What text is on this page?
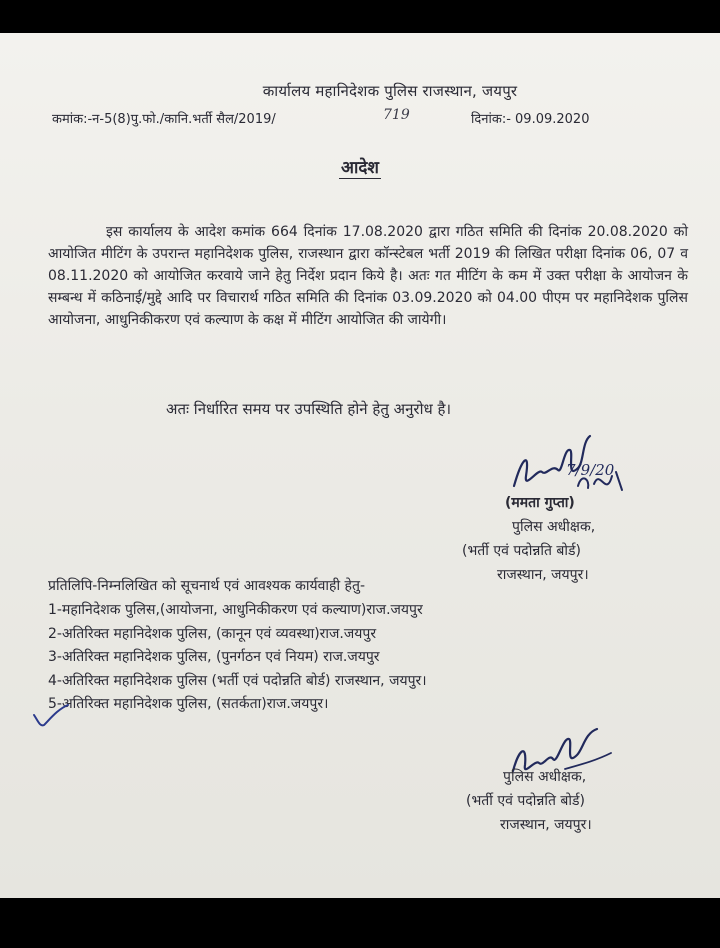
कार्यालय महानिदेशक पुलिस राजस्थान, जयपुर
कमांक:-न-5(8)पु.फो./कानि.भर्ती सैल/2019/	719	दिनांक:- 09.09.2020
आदेश

इस कार्यालय के आदेश कमांक 664 दिनांक 17.08.2020 द्वारा गठित समिति की दिनांक 20.08.2020 को आयोजित मीटिंग के उपरान्त महानिदेशक पुलिस, राजस्थान द्वारा कॉन्स्टेबल भर्ती 2019 की लिखित परीक्षा दिनांक 06, 07 व 08.11.2020 को आयोजित करवाये जाने हेतु निर्देश प्रदान किये है। अतः गत मीटिंग के कम में उक्त परीक्षा के आयोजन के सम्बन्ध में कठिनाई/मुद्दे आदि पर विचारार्थ गठित समिति की दिनांक 03.09.2020 को 04.00 पीएम पर महानिदेशक पुलिस आयोजना, आधुनिकीकरण एवं कल्याण के कक्ष में मीटिंग आयोजित की जायेगी।

अतः निर्धारित समय पर उपस्थिति होने हेतु अनुरोध है।
7/9/20
(ममता गुप्ता)
पुलिस अधीक्षक,
(भर्ती एवं पदोन्नति बोर्ड)
राजस्थान, जयपुर।
प्रतिलिपि-निम्नलिखित को सूचनार्थ एवं आवश्यक कार्यवाही हेतु-
1-महानिदेशक पुलिस,(आयोजना, आधुनिकीकरण एवं कल्याण)राज.जयपुर
2-अतिरिक्त महानिदेशक पुलिस, (कानून एवं व्यवस्था)राज.जयपुर
3-अतिरिक्त महानिदेशक पुलिस, (पुनर्गठन एवं नियम) राज.जयपुर
4-अतिरिक्त महानिदेशक पुलिस (भर्ती एवं पदोन्नति बोर्ड) राजस्थान, जयपुर।
5-अतिरिक्त महानिदेशक पुलिस, (सतर्कता)राज.जयपुर।
पुलिस अधीक्षक,
(भर्ती एवं पदोन्नति बोर्ड)
राजस्थान, जयपुर।
